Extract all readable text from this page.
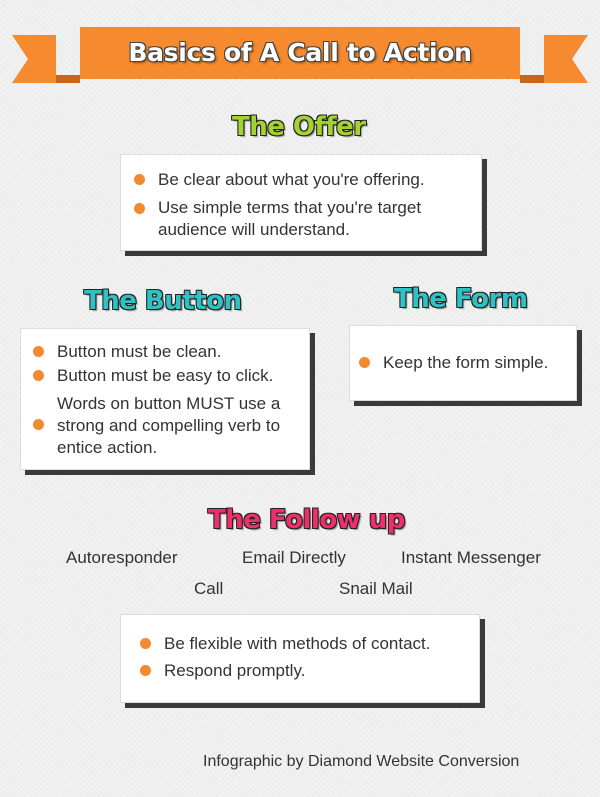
Basics of A Call to Action
The Offer
Be clear about what you're offering.
Use simple terms that you're target audience will understand.
The Button
Button must be clean.
Button must be easy to click.
Words on button MUST use a strong and compelling verb to entice action.
The Form
Keep the form simple.
The Follow up
Autoresponder	Email Directly	Instant Messenger
Call	Snail Mail
Be flexible with methods of contact.
Respond promptly.
Infographic by Diamond Website Conversion
